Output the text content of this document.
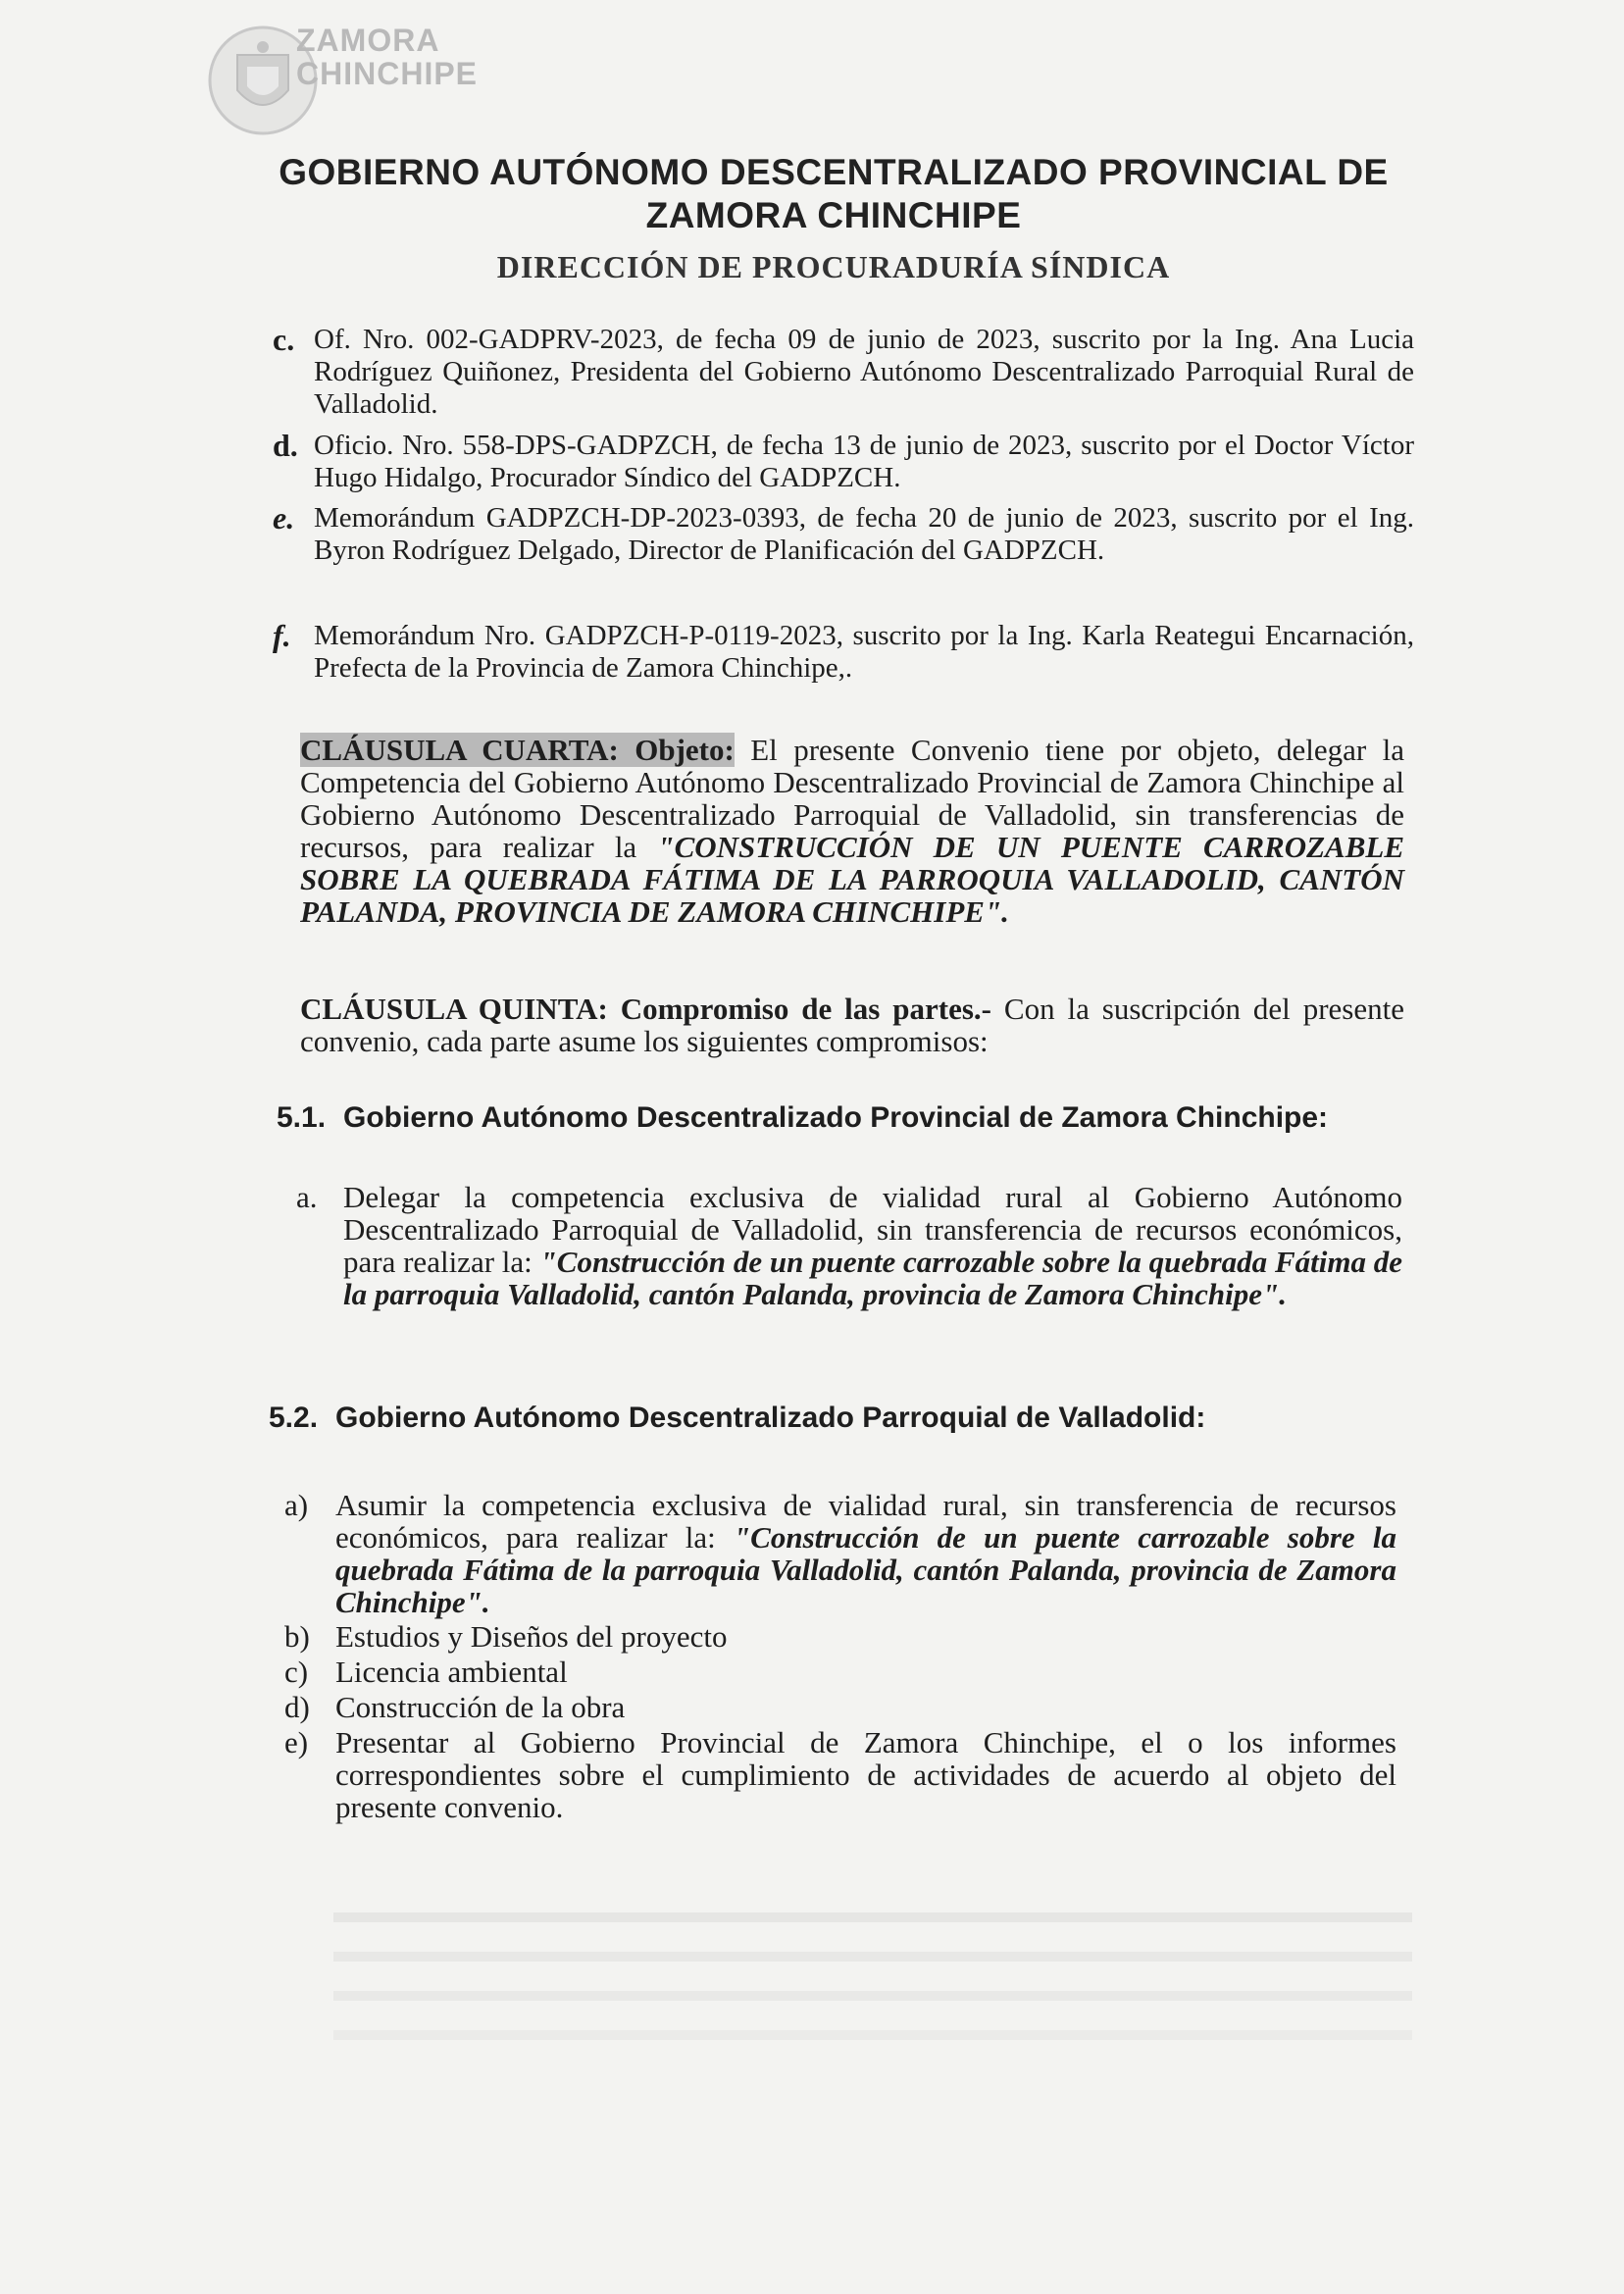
ZAMORA
CHINCHIPE
GOBIERNO AUTÓNOMO DESCENTRALIZADO PROVINCIAL DE
ZAMORA CHINCHIPE
DIRECCIÓN DE PROCURADURÍA SÍNDICA
c. Of. Nro. 002-GADPRV-2023, de fecha 09 de junio de 2023, suscrito por la Ing. Ana Lucia Rodríguez Quiñonez, Presidenta del Gobierno Autónomo Descentralizado Parroquial Rural de Valladolid.
d. Oficio. Nro. 558-DPS-GADPZCH, de fecha 13 de junio de 2023, suscrito por el Doctor Víctor Hugo Hidalgo, Procurador Síndico del GADPZCH.
e. Memorándum GADPZCH-DP-2023-0393, de fecha 20 de junio de 2023, suscrito por el Ing. Byron Rodríguez Delgado, Director de Planificación del GADPZCH.
f. Memorándum Nro. GADPZCH-P-0119-2023, suscrito por la Ing. Karla Reategui Encarnación, Prefecta de la Provincia de Zamora Chinchipe,.
CLÁUSULA CUARTA: Objeto: El presente Convenio tiene por objeto, delegar la Competencia del Gobierno Autónomo Descentralizado Provincial de Zamora Chinchipe al Gobierno Autónomo Descentralizado Parroquial de Valladolid, sin transferencias de recursos, para realizar la "CONSTRUCCIÓN DE UN PUENTE CARROZABLE SOBRE LA QUEBRADA FÁTIMA DE LA PARROQUIA VALLADOLID, CANTÓN PALANDA, PROVINCIA DE ZAMORA CHINCHIPE".
CLÁUSULA QUINTA: Compromiso de las partes.- Con la suscripción del presente convenio, cada parte asume los siguientes compromisos:
5.1. Gobierno Autónomo Descentralizado Provincial de Zamora Chinchipe:
a. Delegar la competencia exclusiva de vialidad rural al Gobierno Autónomo Descentralizado Parroquial de Valladolid, sin transferencia de recursos económicos, para realizar la: "Construcción de un puente carrozable sobre la quebrada Fátima de la parroquia Valladolid, cantón Palanda, provincia de Zamora Chinchipe".
5.2. Gobierno Autónomo Descentralizado Parroquial de Valladolid:
a) Asumir la competencia exclusiva de vialidad rural, sin transferencia de recursos económicos, para realizar la: "Construcción de un puente carrozable sobre la quebrada Fátima de la parroquia Valladolid, cantón Palanda, provincia de Zamora Chinchipe".
b) Estudios y Diseños del proyecto
c) Licencia ambiental
d) Construcción de la obra
e) Presentar al Gobierno Provincial de Zamora Chinchipe, el o los informes correspondientes sobre el cumplimiento de actividades de acuerdo al objeto del presente convenio.
